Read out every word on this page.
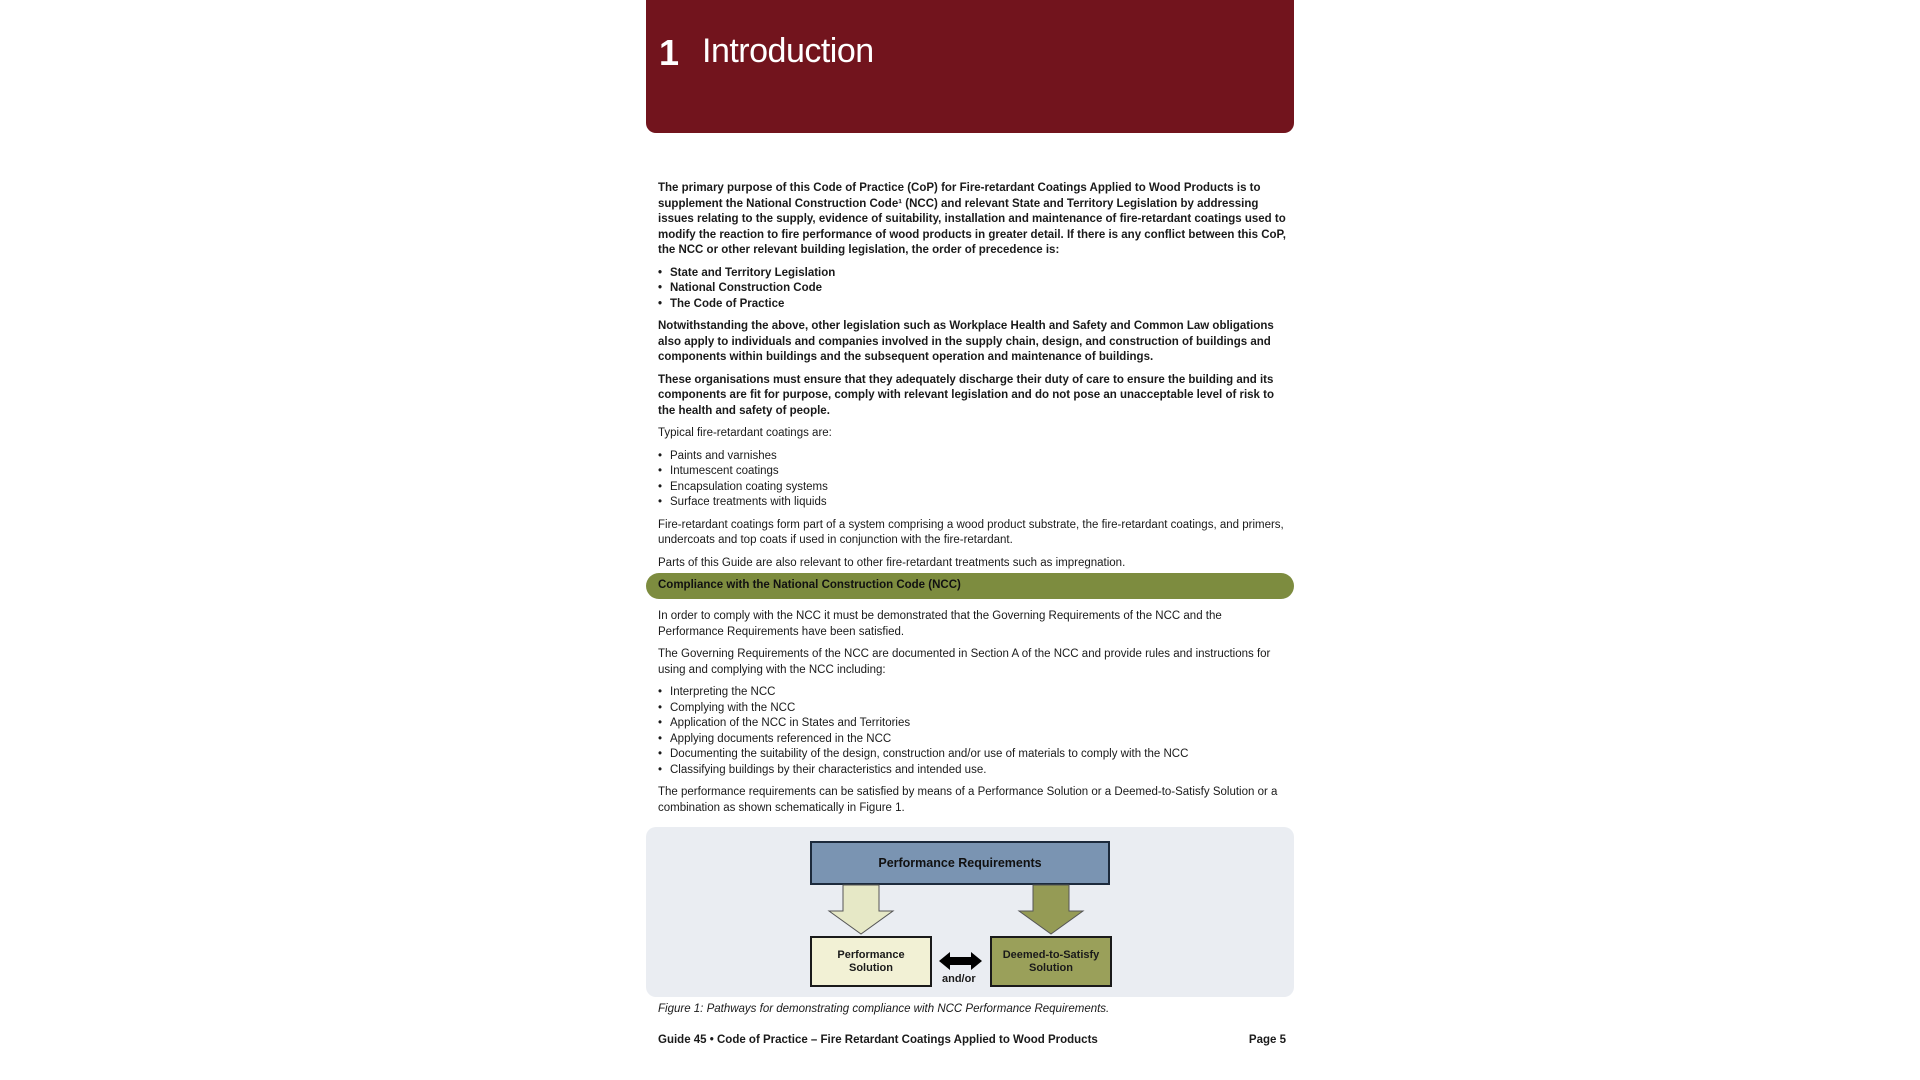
1 Introduction

The primary purpose of this Code of Practice (CoP) for Fire-retardant Coatings Applied to Wood Products is to supplement the National Construction Code¹ (NCC) and relevant State and Territory Legislation by addressing issues relating to the supply, evidence of suitability, installation and maintenance of fire-retardant coatings used to modify the reaction to fire performance of wood products in greater detail. If there is any conflict between this CoP, the NCC or other relevant building legislation, the order of precedence is:

• State and Territory Legislation
• National Construction Code
• The Code of Practice

Notwithstanding the above, other legislation such as Workplace Health and Safety and Common Law obligations also apply to individuals and companies involved in the supply chain, design, and construction of buildings and components within buildings and the subsequent operation and maintenance of buildings.

These organisations must ensure that they adequately discharge their duty of care to ensure the building and its components are fit for purpose, comply with relevant legislation and do not pose an unacceptable level of risk to the health and safety of people.

Typical fire-retardant coatings are:

• Paints and varnishes
• Intumescent coatings
• Encapsulation coating systems
• Surface treatments with liquids

Fire-retardant coatings form part of a system comprising a wood product substrate, the fire-retardant coatings, and primers, undercoats and top coats if used in conjunction with the fire-retardant.

Parts of this Guide are also relevant to other fire-retardant treatments such as impregnation.

Compliance with the National Construction Code (NCC)

In order to comply with the NCC it must be demonstrated that the Governing Requirements of the NCC and the Performance Requirements have been satisfied.

The Governing Requirements of the NCC are documented in Section A of the NCC and provide rules and instructions for using and complying with the NCC including:

• Interpreting the NCC
• Complying with the NCC
• Application of the NCC in States and Territories
• Applying documents referenced in the NCC
• Documenting the suitability of the design, construction and/or use of materials to comply with the NCC
• Classifying buildings by their characteristics and intended use.

The performance requirements can be satisfied by means of a Performance Solution or a Deemed-to-Satisfy Solution or a combination as shown schematically in Figure 1.

Performance Requirements
Performance Solution
Deemed-to-Satisfy Solution
and/or
Figure 1: Pathways for demonstrating compliance with NCC Performance Requirements.
Guide 45 • Code of Practice – Fire Retardant Coatings Applied to Wood Products	Page 5
